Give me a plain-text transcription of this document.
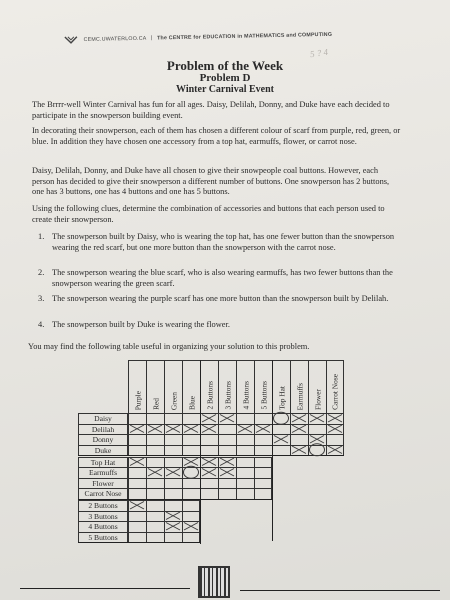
CEMC.UWATERLOO.CA | The CENTRE for EDUCATION in MATHEMATICS and COMPUTING
5 ? 4
Problem of the Week
Problem D
Winter Carnival Event

The Brrrr-well Winter Carnival has fun for all ages. Daisy, Delilah, Donny, and Duke have each decided to participate in the snowperson building event.

In decorating their snowperson, each of them has chosen a different colour of scarf from purple, red, green, or blue. In addition they have chosen one accessory from a top hat, earmuffs, flower, or carrot nose.

Daisy, Delilah, Donny, and Duke have all chosen to give their snowpeople coal buttons. However, each person has decided to give their snowperson a different number of buttons. One snowperson has 2 buttons, one has 3 buttons, one has 4 buttons and one has 5 buttons.

Using the following clues, determine the combination of accessories and buttons that each person used to create their snowperson.

1. The snowperson built by Daisy, who is wearing the top hat, has one fewer button than the snowperson wearing the red scarf, but one more button than the snowperson with the carrot nose.
2. The snowperson wearing the blue scarf, who is also wearing earmuffs, has two fewer buttons than the snowperson wearing the green scarf.
3. The snowperson wearing the purple scarf has one more button than the snowperson built by Delilah.
4. The snowperson built by Duke is wearing the flower.

You may find the following table useful in organizing your solution to this problem.

Purple Red Green Blue 2 Buttons 3 Buttons 4 Buttons 5 Buttons Top Hat Earmuffs Flower Carrot Nose
Daisy
Delilah
Donny
Duke
Top Hat
Earmuffs
Flower
Carrot Nose
2 Buttons
3 Buttons
4 Buttons
5 Buttons
